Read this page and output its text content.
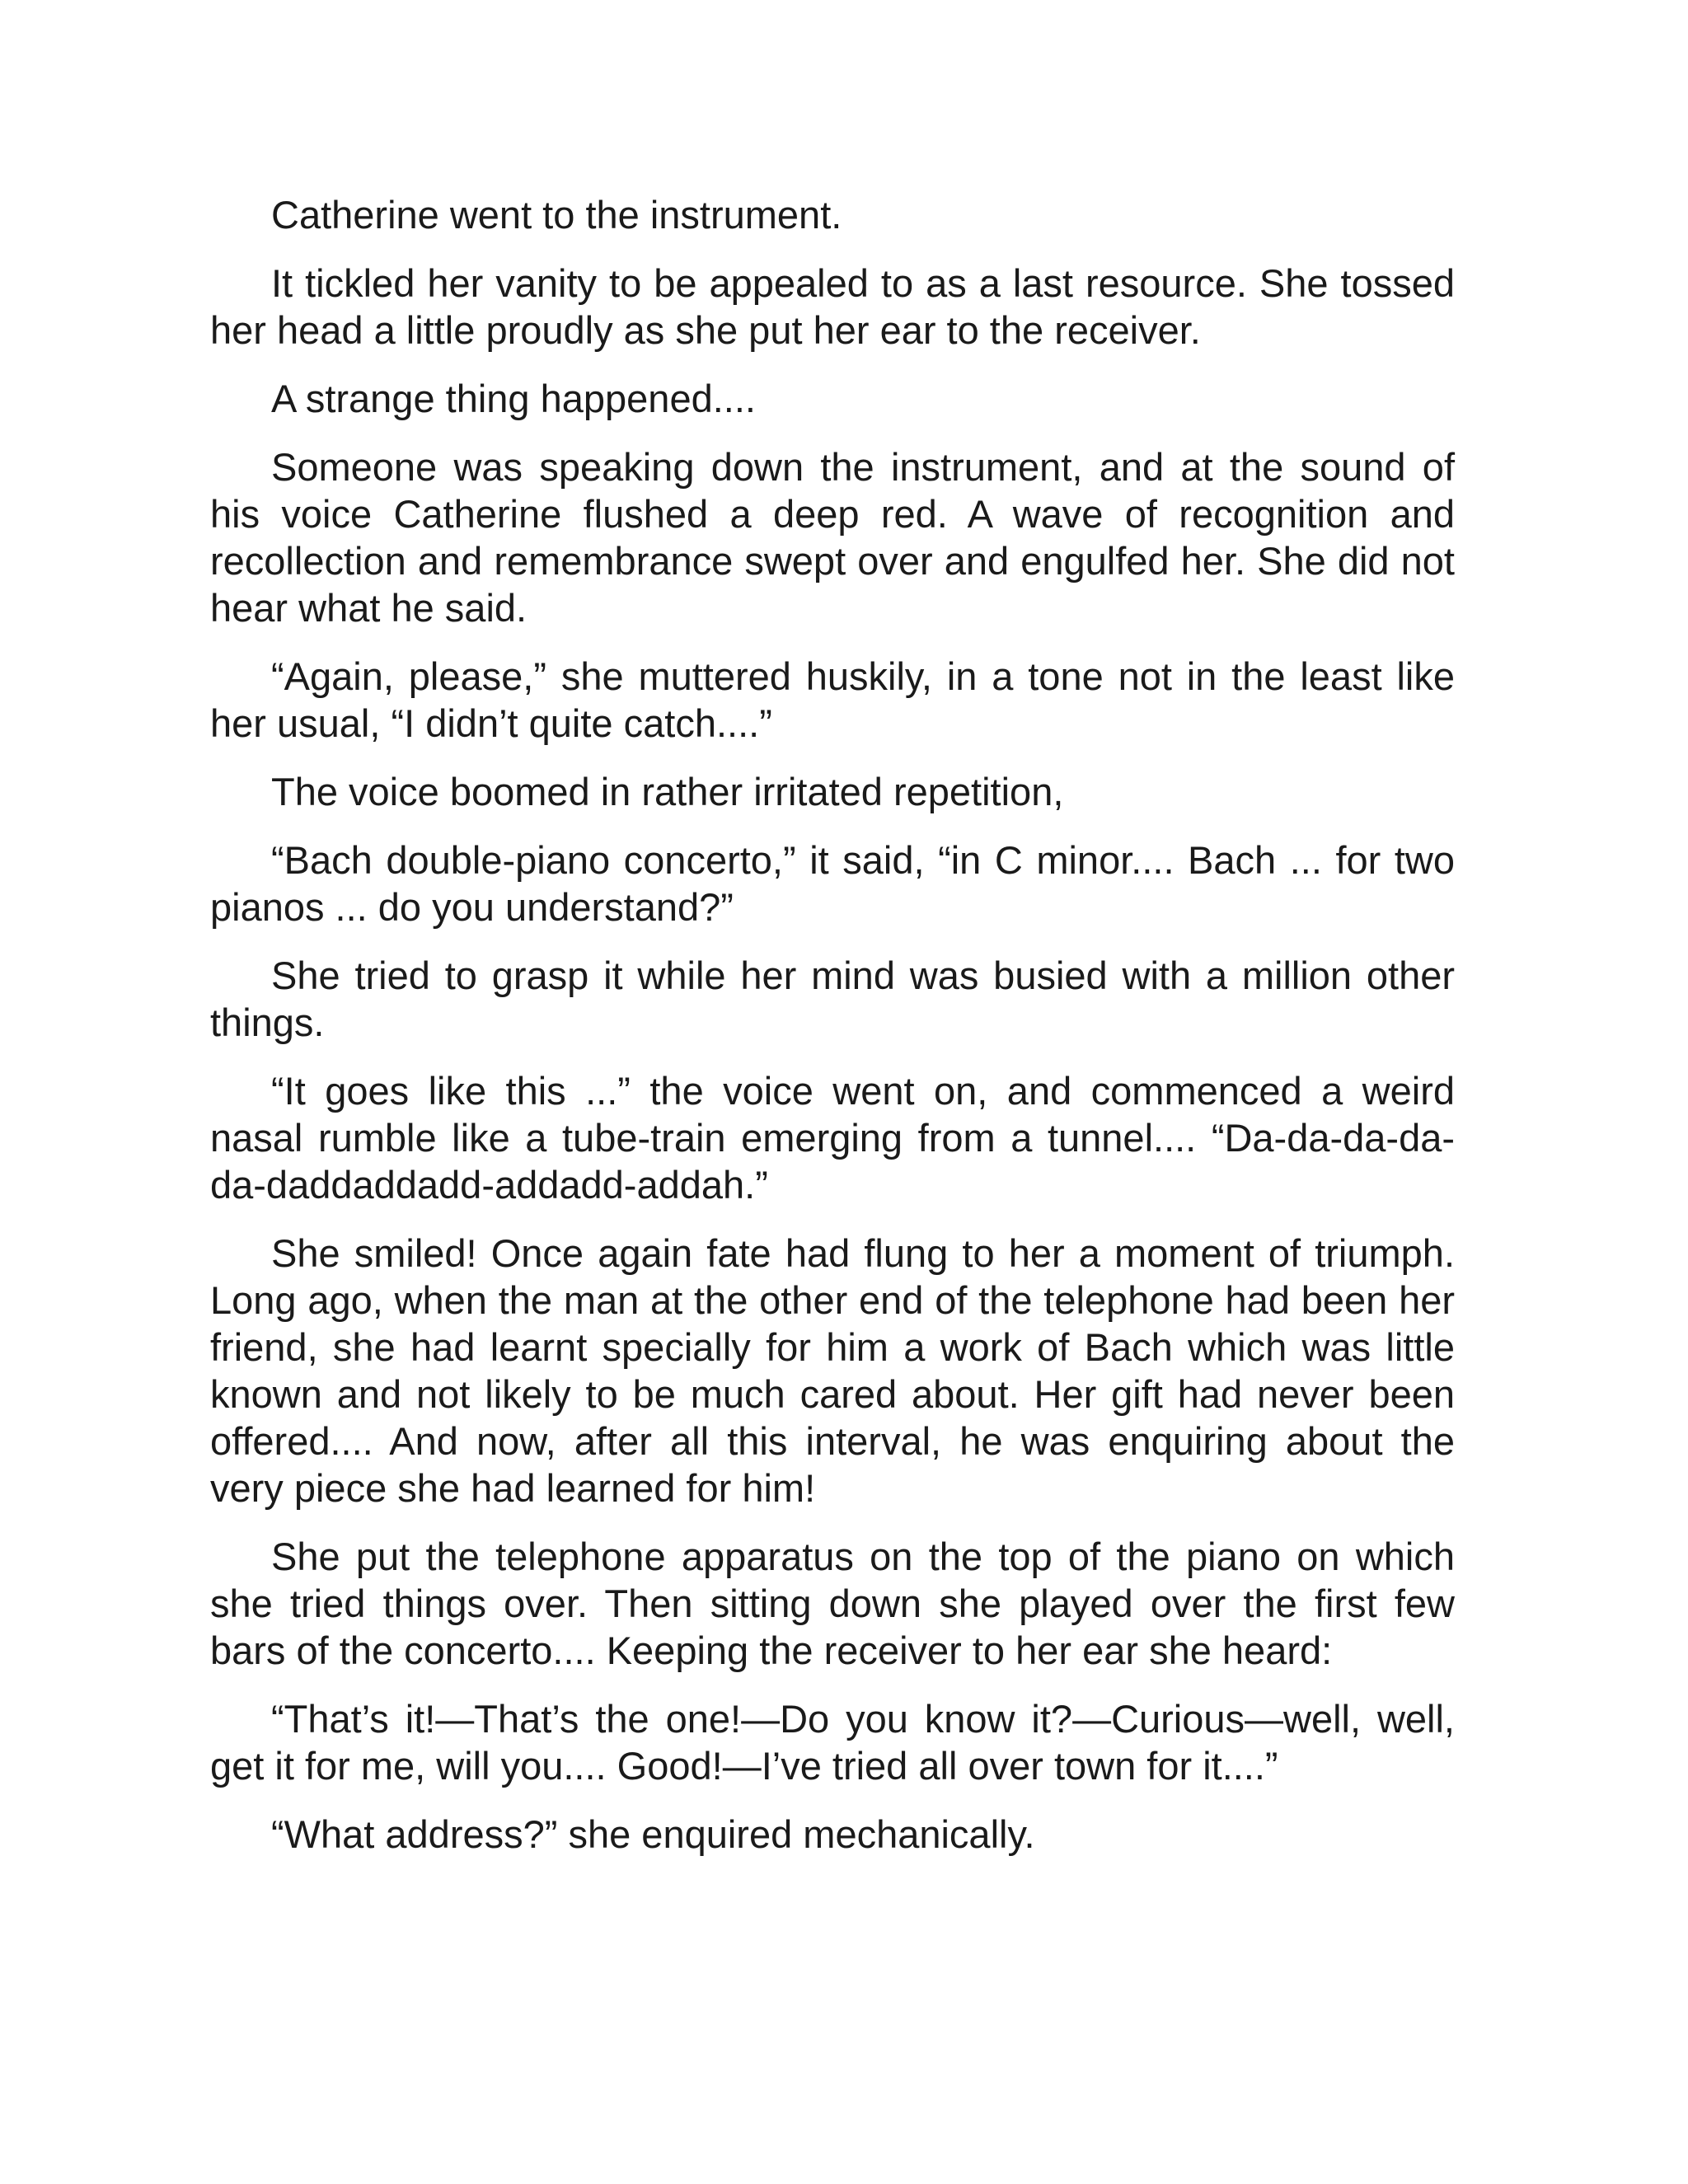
Catherine went to the instrument.

It tickled her vanity to be appealed to as a last resource. She tossed her head a little proudly as she put her ear to the receiver.

A strange thing happened....

Someone was speaking down the instrument, and at the sound of his voice Catherine flushed a deep red. A wave of recognition and recollection and remembrance swept over and engulfed her. She did not hear what he said.

“Again, please,” she muttered huskily, in a tone not in the least like her usual, “I didn’t quite catch....”

The voice boomed in rather irritated repetition,

“Bach double-piano concerto,” it said, “in C minor.... Bach ... for two pianos ... do you understand?”

She tried to grasp it while her mind was busied with a million other things.

“It goes like this ...” the voice went on, and commenced a weird nasal rumble like a tube-train emerging from a tunnel.... “Da-da-da-da-da-daddaddadd-addadd-addah.”

She smiled! Once again fate had flung to her a moment of triumph. Long ago, when the man at the other end of the telephone had been her friend, she had learnt specially for him a work of Bach which was little known and not likely to be much cared about. Her gift had never been offered.... And now, after all this interval, he was enquiring about the very piece she had learned for him!

She put the telephone apparatus on the top of the piano on which she tried things over. Then sitting down she played over the first few bars of the concerto.... Keeping the receiver to her ear she heard:

“That’s it!—That’s the one!—Do you know it?—Curious—well, well, get it for me, will you.... Good!—I’ve tried all over town for it....”

“What address?” she enquired mechanically.
